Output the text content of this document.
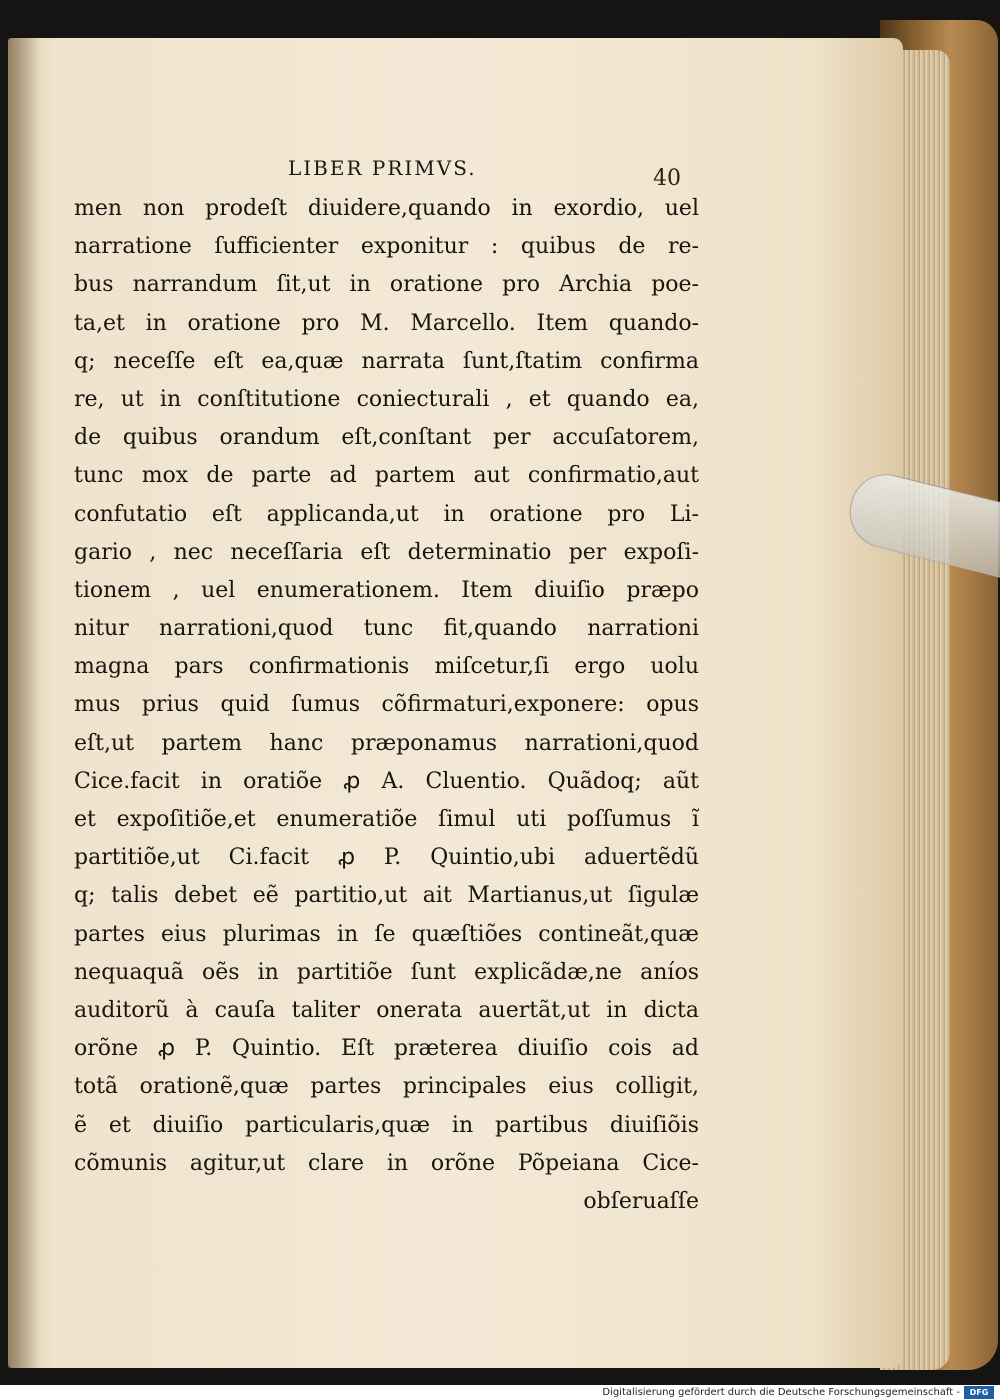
LIBER PRIMVS.	40
men non prodeſt diuidere,quando in exordio, uel
narratione ſufficienter exponitur : quibus de re-
bus narrandum ſit,ut in oratione pro Archia poe-
ta,et in oratione pro M. Marcello. Item quando-
q; neceſſe eſt ea,quæ narrata ſunt,ſtatim confirma
re, ut in conſtitutione coniecturali , et quando ea,
de quibus orandum eſt,conſtant per accuſatorem,
tunc mox de parte ad partem aut confirmatio,aut
confutatio eſt applicanda,ut in oratione pro Li-
gario , nec neceſſaria eſt determinatio per expoſi-
tionem , uel enumerationem. Item diuiſio præpo
nitur narrationi,quod tunc fit,quando narrationi
magna pars confirmationis miſcetur,ſi ergo uolu
mus prius quid ſumus cõfirmaturi,exponere: opus
eſt,ut partem hanc præponamus narrationi,quod
Cice.facit in oratiõe ꝓ A. Cluentio. Quãdoq; aũt
et expoſitiõe,et enumeratiõe ſimul uti poſſumus ĩ
partitiõe,ut Ci.facit ꝓ P. Quintio,ubi aduertẽdũ
q; talis debet eẽ partitio,ut ait Martianus,ut ſigulæ
partes eius plurimas in ſe quæſtiões contineãt,quæ
nequaquã oẽs in partitiõe ſunt explicãdæ,ne aníos
auditorũ à cauſa taliter onerata auertãt,ut in dicta
orõne ꝓ P. Quintio. Eſt præterea diuiſio cois ad
totã orationẽ,quæ partes principales eius colligit,
ẽ et diuiſio particularis,quæ in partibus diuiſiõis
cõmunis agitur,ut clare in orõne Põpeiana Cice-
obſeruaſſe
Digitalisierung gefördert durch die Deutsche Forschungsgemeinschaft -	DFG
